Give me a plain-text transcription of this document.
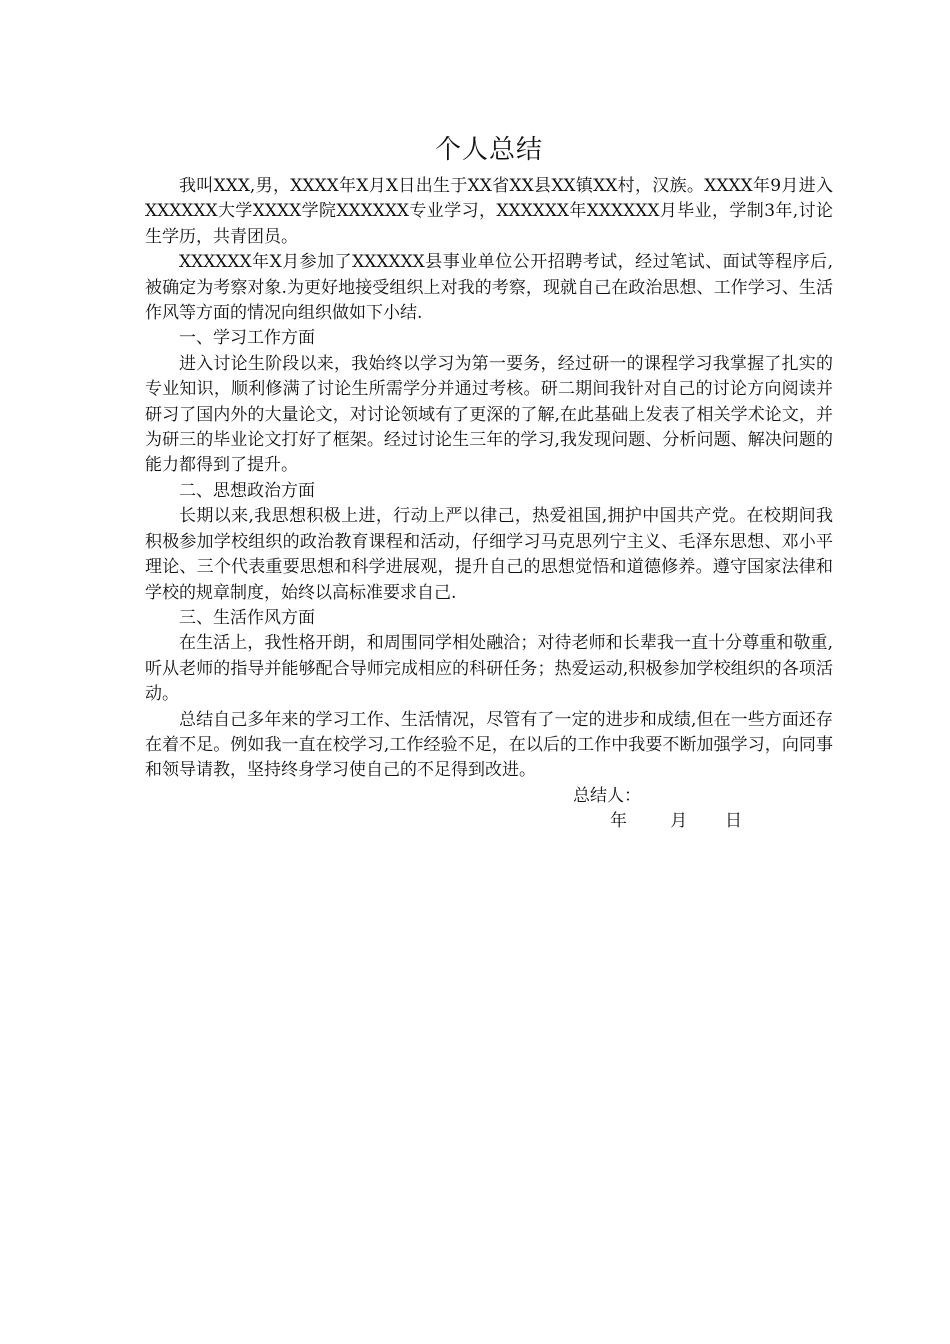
个人总结

我叫XXX,男，XXXX年X月X日出生于XX省XX县XX镇XX村，汉族。XXXX年9月进入XXXXXX大学XXXX学院XXXXXX专业学习，XXXXXX年XXXXXX月毕业，学制3年,讨论生学历，共青团员。

XXXXXX年X月参加了XXXXXX县事业单位公开招聘考试，经过笔试、面试等程序后,被确定为考察对象.为更好地接受组织上对我的考察，现就自己在政治思想、工作学习、生活作风等方面的情况向组织做如下小结.

一、学习工作方面

进入讨论生阶段以来，我始终以学习为第一要务，经过研一的课程学习我掌握了扎实的专业知识，顺利修满了讨论生所需学分并通过考核。研二期间我针对自己的讨论方向阅读并研习了国内外的大量论文，对讨论领域有了更深的了解,在此基础上发表了相关学术论文，并为研三的毕业论文打好了框架。经过讨论生三年的学习,我发现问题、分析问题、解决问题的能力都得到了提升。

二、思想政治方面

长期以来,我思想积极上进，行动上严以律己，热爱祖国,拥护中国共产党。在校期间我积极参加学校组织的政治教育课程和活动，仔细学习马克思列宁主义、毛泽东思想、邓小平理论、三个代表重要思想和科学进展观，提升自己的思想觉悟和道德修养。遵守国家法律和学校的规章制度，始终以高标准要求自己.

三、生活作风方面

在生活上，我性格开朗，和周围同学相处融洽；对待老师和长辈我一直十分尊重和敬重,听从老师的指导并能够配合导师完成相应的科研任务；热爱运动,积极参加学校组织的各项活动。

总结自己多年来的学习工作、生活情况，尽管有了一定的进步和成绩,但在一些方面还存在着不足。例如我一直在校学习,工作经验不足，在以后的工作中我要不断加强学习，向同事和领导请教，坚持终身学习使自己的不足得到改进。

总结人：

年        月       日
